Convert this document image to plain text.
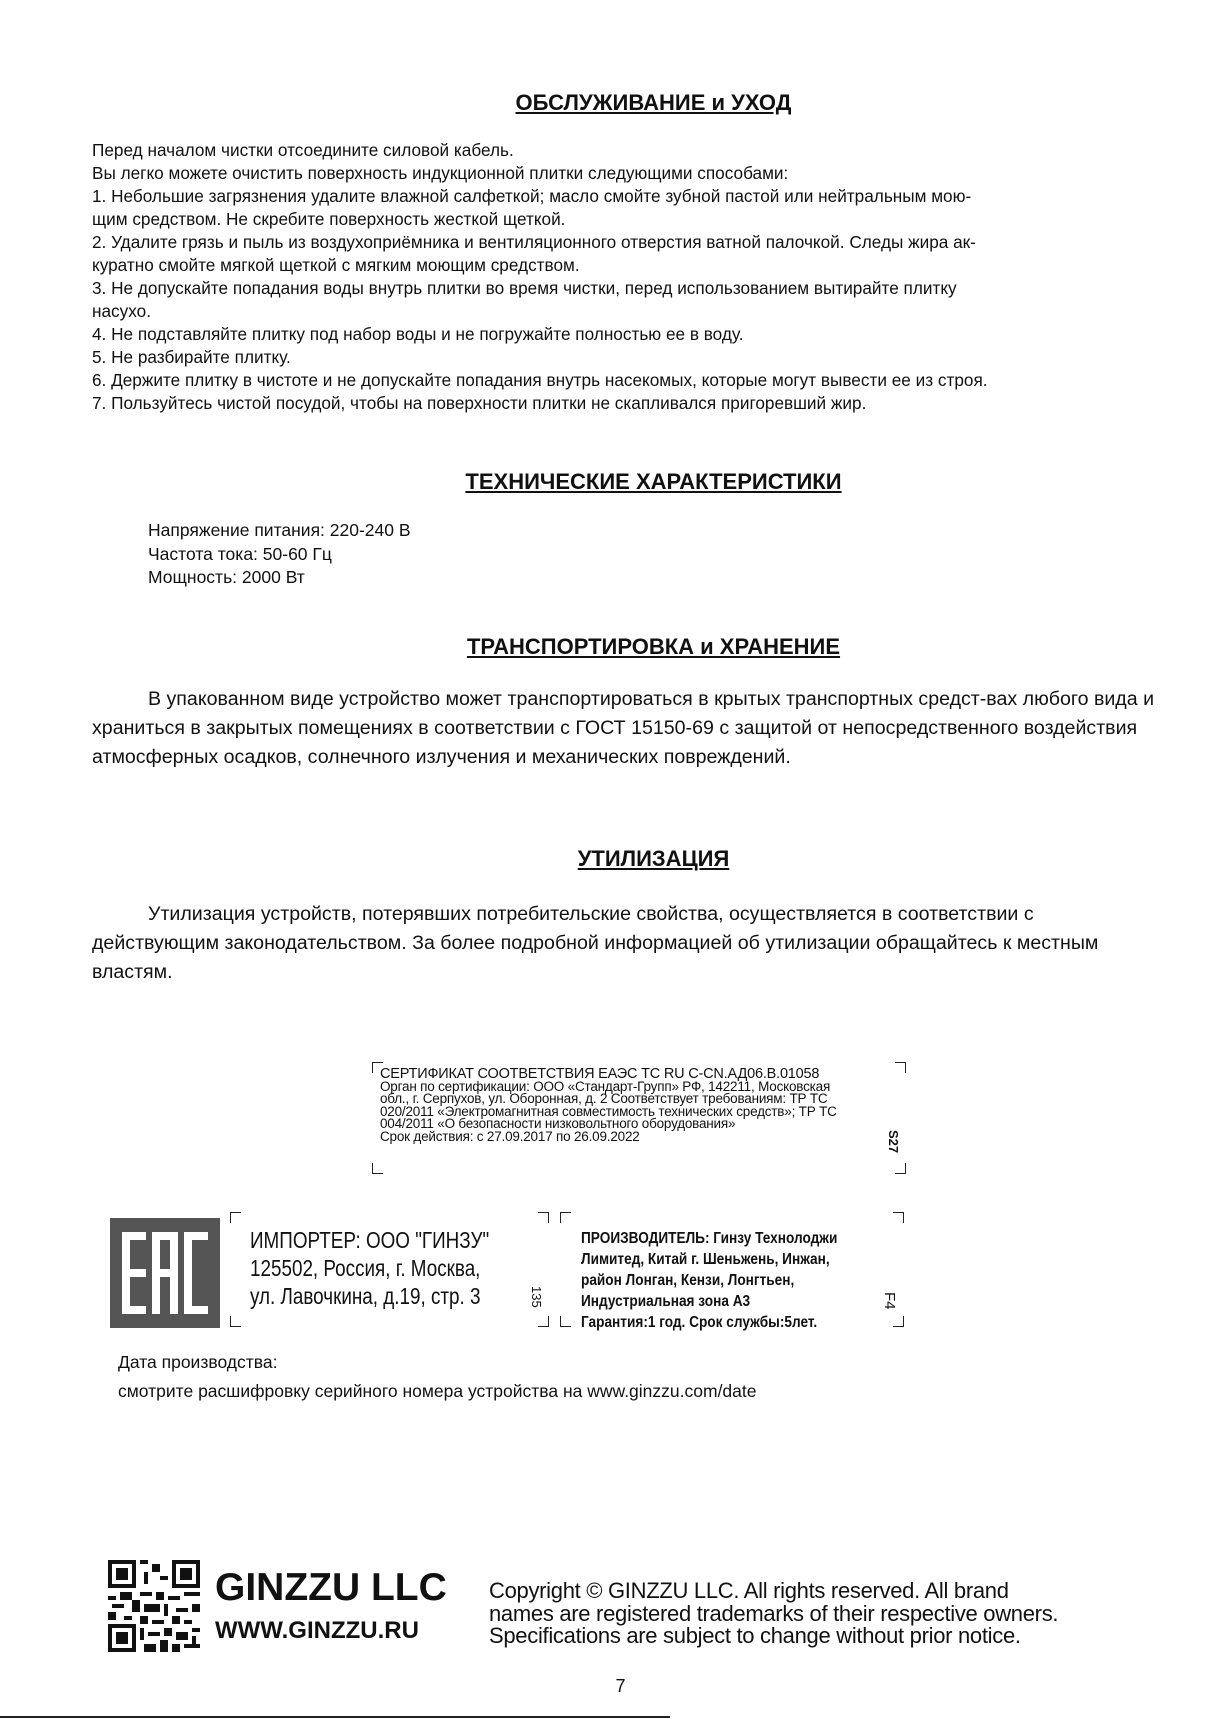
ОБСЛУЖИВАНИЕ и УХОД

Перед началом чистки отсоедините силовой кабель.

Вы легко можете очистить поверхность индукционной плитки следующими способами:

1. Небольшие загрязнения удалите влажной салфеткой; масло смойте зубной пастой или нейтральным мою-

щим средством. Не скребите поверхность жесткой щеткой.

2. Удалите грязь и пыль из воздухоприёмника и вентиляционного отверстия ватной палочкой. Следы жира ак-

куратно смойте мягкой щеткой с мягким моющим средством.

3. Не допускайте попадания воды внутрь плитки во время чистки, перед использованием вытирайте плитку

насухо.

4. Не подставляйте плитку под набор воды и не погружайте полностью ее в воду.

5. Не разбирайте плитку.

6. Держите плитку в чистоте и не допускайте попадания внутрь насекомых, которые могут вывести ее из строя.

7. Пользуйтесь чистой посудой, чтобы на поверхности плитки не скапливался пригоревший жир.

ТЕХНИЧЕСКИЕ ХАРАКТЕРИСТИКИ
Напряжение питания: 220-240 В
Частота тока: 50-60 Гц
Мощность: 2000 Вт
ТРАНСПОРТИРОВКА и ХРАНЕНИЕ
В упакованном виде устройство может транспортироваться в крытых транспортных средст-вах любого вида и храниться в закрытых помещениях в соответствии с ГОСТ 15150-69 с защитой от непосредственного воздействия атмосферных осадков, солнечного излучения и механических повреждений.
УТИЛИЗАЦИЯ
Утилизация устройств, потерявших потребительские свойства, осуществляется в соответствии с действующим законодательством. За более подробной информацией об утилизации обращайтесь к местным властям.
СЕРТИФИКАТ СООТВЕТСТВИЯ ЕАЭС ТС RU C-CN.АД06.В.01058
Орган по сертификации: ООО «Стандарт-Групп» РФ, 142211, Московская
обл., г. Серпухов, ул. Оборонная, д. 2 Соответствует требованиям: ТР ТС
020/2011 «Электромагнитная совместимость технических средств»; ТР ТС
004/2011 «О безопасности низковольтного оборудования»
Срок действия: с 27.09.2017 по 26.09.2022	S27
ИМПОРТЕР: ООО "ГИНЗУ"
125502, Россия, г. Москва,
ул. Лавочкина, д.19, стр. 3	135
ПРОИЗВОДИТЕЛЬ: Гинзу Технолоджи
Лимитед, Китай г. Шеньжень, Инжан,
район Лонган, Кензи, Лонгтьен,
Индустриальная зона А3
Гарантия:1 год. Срок службы:5лет.
F4
Дата производства:
смотрите расшифровку серийного номера устройства на www.ginzzu.com/date
GINZZU LLC
WWW.GINZZU.RU
Copyright © GINZZU LLC. All rights reserved. All brand
names are registered trademarks of their respective owners.
Specifications are subject to change without prior notice.
7
